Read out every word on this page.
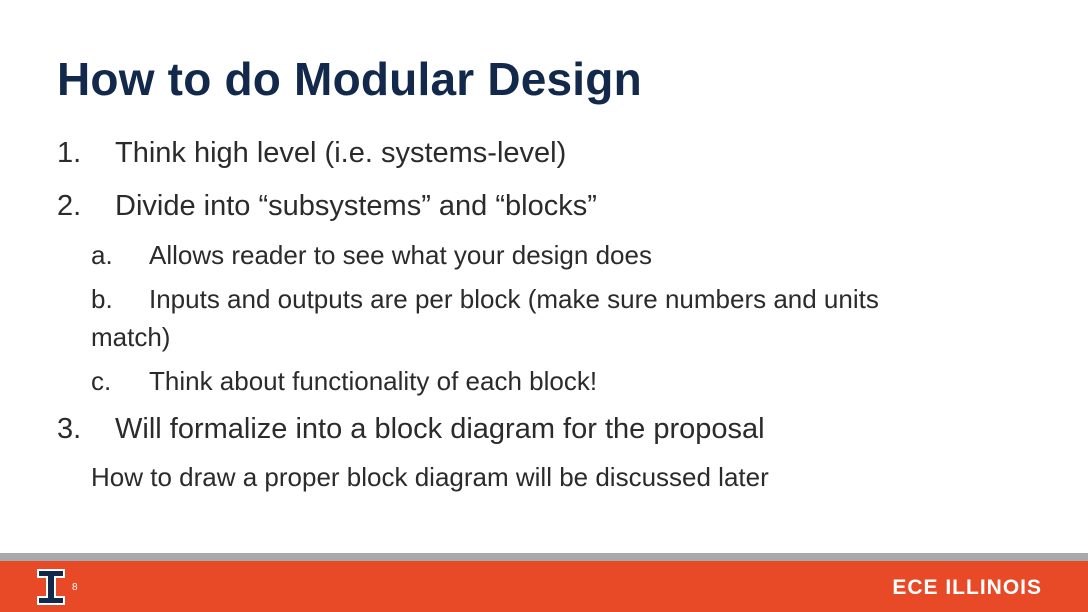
How to do Modular Design
1. Think high level (i.e. systems-level)
2. Divide into “subsystems” and “blocks”
a. Allows reader to see what your design does
b. Inputs and outputs are per block (make sure numbers and units
match)
c. Think about functionality of each block!
3. Will formalize into a block diagram for the proposal
How to draw a proper block diagram will be discussed later
8	ECE ILLINOIS
